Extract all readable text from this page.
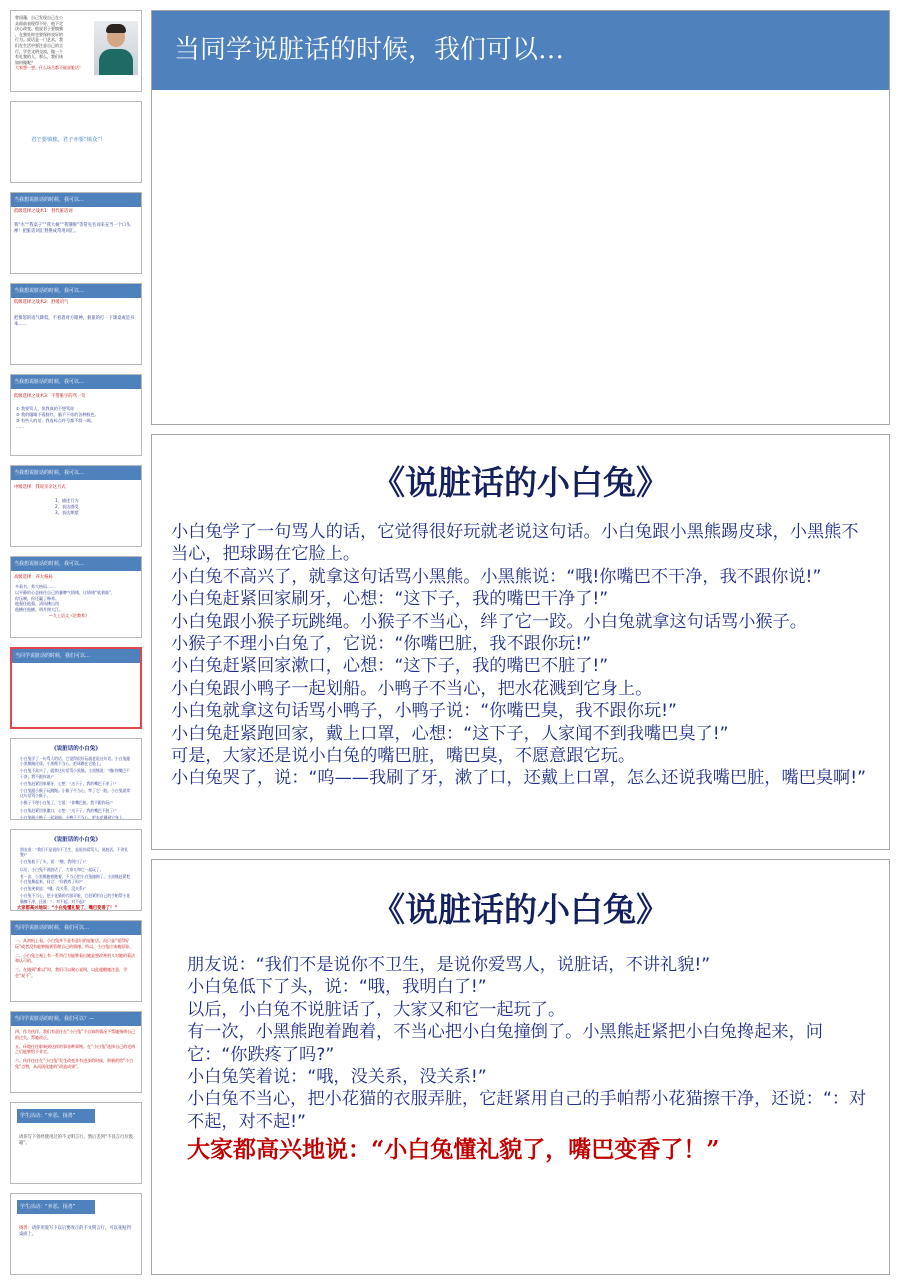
曾国藩，自己发现自己在公
众面前表现得不好，他下定
决心改变。他说君子要慎独
，在独处时也要保持良好的
行为。说话是一门艺术，我
们在生活中要注意自己的言
行，学会文明交流，做一个
有礼貌的人。那么，我们该
如何做呢？
大家想一想，什么场合都不能说脏话！
君子要慎独，君子亦要“慎众”！
当我想说脏话的时候，我可以…
低级选择之战术1：替代脏话词
我“水”“我桌子”“我大树”“我饿啦”等常见名词来充当一个口头禅！把脏话词汇替换成常用词汇。
当我想说脏话的时候，我可以…
低级选择之战术2：舒缓语气
把愤怒的语气降低，不看着对方眼神，狠狠的打一下课桌或是书本……
当我想说脏话的时候，我可以…
低级选择之战术3：不带脏字的骂一句
① 我要骂人，但我真的不想骂你
② 我的眼睛不看脸红，脑不下你的各种脸色。
③ 有些人的话，我连标点符号都不屑一顾。
……
当我想说脏话的时候，我可以…
中级选择：我说亲亲这方式
1、描述行为
2、表达感受
3、表达期望
当我想说脏话的时候，我可以…
高级选择：养大格局
多看书。养大格局……
以平静的心态接住自己的暴脾气情绪，让情绪“软着陆”，
你压制，你还赢了修养。
他强任他强，清风拂山岗
他横任他横，明月照大江。
—九上语文《论教养》
当同学说脏话的时候，我们可以…
《说脏话的小白兔》
小白兔学了一句骂人的话，它觉得很好玩就老说这句话。小白兔跟小黑熊踢皮球，小黑熊不当心，把球踢在它脸上。
小白兔不高兴了，就拿这句话骂小黑熊。小黑熊说：“哦!你嘴巴不干净，我不跟你说!”
小白兔赶紧回家刷牙，心想：“这下子，我的嘴巴干净了!”
小白兔跟小猴子玩跳绳。小猴子不当心，绊了它一跤。小白兔就拿这句话骂小猴子。
小猴子不理小白兔了，它说：“你嘴巴脏，我不跟你玩!”
小白兔赶紧回家漱口，心想：“这下子，我的嘴巴不脏了!”
小白兔跟小鸭子一起划船。小鸭子不当心，把水花溅到它身上。
《说脏话的小白兔》
朋友说：“我们不是说你不卫生，是说你爱骂人，说脏话，不讲礼貌!”
小白兔低下了头，说：“哦，我明白了!”
以后，小白兔不说脏话了，大家又和它一起玩了。
有一次，小黑熊跑着跑着，不当心把小白兔撞倒了。小黑熊赶紧把小白兔搀起来，问它：“你跌疼了吗?”
小白兔笑着说：“哦，没关系，没关系!”
小白兔不当心，把小花猫的衣服弄脏，它赶紧用自己的手帕帮小花猫擦干净，还说：“：对不起，对不起!”
大家都高兴地说：“小白兔懂礼貌了，嘴巴变香了！”
当同学说脏话的时候，我们可以…
一、从初机上看，小白兔并不是有意识的说脏话，而只是“觉得好玩”或者没有能够做到管理自己的情绪。所以，小白兔应该被原谅。
二、小白兔主观上有一系列行为能够看出她是想改善别人对她的看法和认可的。
三、在遇到“难以”时，我们可以耐心说明，以此提醒她注意，学会“说不”。
当同学说脏话的时候，我们可以？—
四、作为伙伴，我们有责任在“小白兔”不自知的情况下帮她指明自己的过失，帮她改正。
五、环境往往影响到这样的事各种事物。在“小白兔”选择自己的毛病之后能够给予肯定。
六、伙伴往往在“小白兔”发生改变并有进步的时候，积极的给“小白兔”点赞，从而固化她的“改造成果”。
学生活动：“弃恶、扬善”
请你写下曾经使用过的不文明言行，然后丢到“不良言行垃圾箱”。
学生活动：“弃恶、扬善”
扬善：请你用爱写下以后要改正的不文明言行，可以张贴到桌面上。
当同学说脏话的时候，我们可以…
《说脏话的小白兔》

小白兔学了一句骂人的话，它觉得很好玩就老说这句话。小白兔跟小黑熊踢皮球，小黑熊不当心，把球踢在它脸上。

小白兔不高兴了，就拿这句话骂小黑熊。小黑熊说：“哦!你嘴巴不干净，我不跟你说!”

小白兔赶紧回家刷牙，心想：“这下子，我的嘴巴干净了!”

小白兔跟小猴子玩跳绳。小猴子不当心，绊了它一跤。小白兔就拿这句话骂小猴子。

小猴子不理小白兔了，它说：“你嘴巴脏，我不跟你玩!”

小白兔赶紧回家漱口，心想：“这下子，我的嘴巴不脏了!”

小白兔跟小鸭子一起划船。小鸭子不当心，把水花溅到它身上。

小白兔就拿这句话骂小鸭子，小鸭子说：“你嘴巴臭，我不跟你玩!”

小白兔赶紧跑回家，戴上口罩，心想：“这下子，人家闻不到我嘴巴臭了!”

可是，大家还是说小白兔的嘴巴脏，嘴巴臭，不愿意跟它玩。

小白兔哭了，说：“呜——我刷了牙，漱了口，还戴上口罩，怎么还说我嘴巴脏，嘴巴臭啊!”

《说脏话的小白兔》

朋友说：“我们不是说你不卫生，是说你爱骂人，说脏话，不讲礼貌!”

小白兔低下了头，说：“哦，我明白了!”

以后，小白兔不说脏话了，大家又和它一起玩了。

有一次，小黑熊跑着跑着，不当心把小白兔撞倒了。小黑熊赶紧把小白兔搀起来，问它：“你跌疼了吗?”

小白兔笑着说：“哦，没关系，没关系!”

小白兔不当心，把小花猫的衣服弄脏，它赶紧用自己的手帕帮小花猫擦干净，还说：“：对不起，对不起!”

大家都高兴地说：“小白兔懂礼貌了，嘴巴变香了！”
